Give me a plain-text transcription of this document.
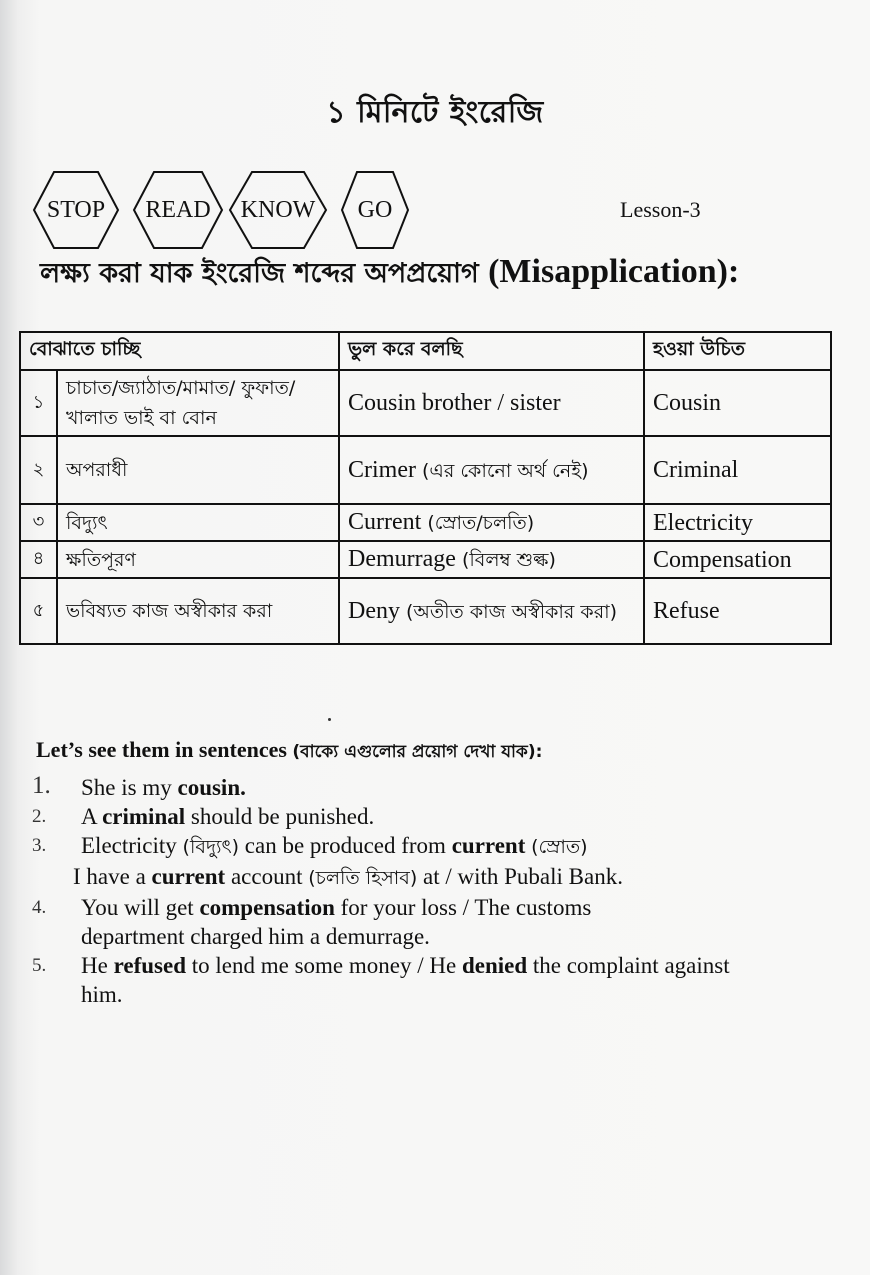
১ মিনিটে ইংরেজি
STOP	READ	KNOW	GO	Lesson-3
লক্ষ্য করা যাক ইংরেজি শব্দের অপপ্রয়োগ (Misapplication):
বোঝাতে চাচ্ছি		ভুল করে বলছি	হওয়া উচিত
১	চাচাত/জ্যাঠাত/মামাত/ ফুফাত/ খালাত ভাই বা বোন	Cousin brother / sister	Cousin
২	অপরাধী	Crimer (এর কোনো অর্থ নেই)	Criminal
৩	বিদ্যুৎ	Current (স্রোত/চলতি)	Electricity
৪	ক্ষতিপূরণ	Demurrage (বিলম্ব শুল্ক)	Compensation
৫	ভবিষ্যত কাজ অস্বীকার করা	Deny (অতীত কাজ অস্বীকার করা)	Refuse
Let’s see them in sentences (বাক্যে এগুলোর প্রয়োগ দেখা যাক):
1. She is my cousin.
2. A criminal should be punished.
3. Electricity (বিদ্যুৎ) can be produced from current (স্রোত)
I have a current account (চলতি হিসাব) at / with Pubali Bank.
4. You will get compensation for your loss / The customs department charged him a demurrage.
5. He refused to lend me some money / He denied the complaint against him.
